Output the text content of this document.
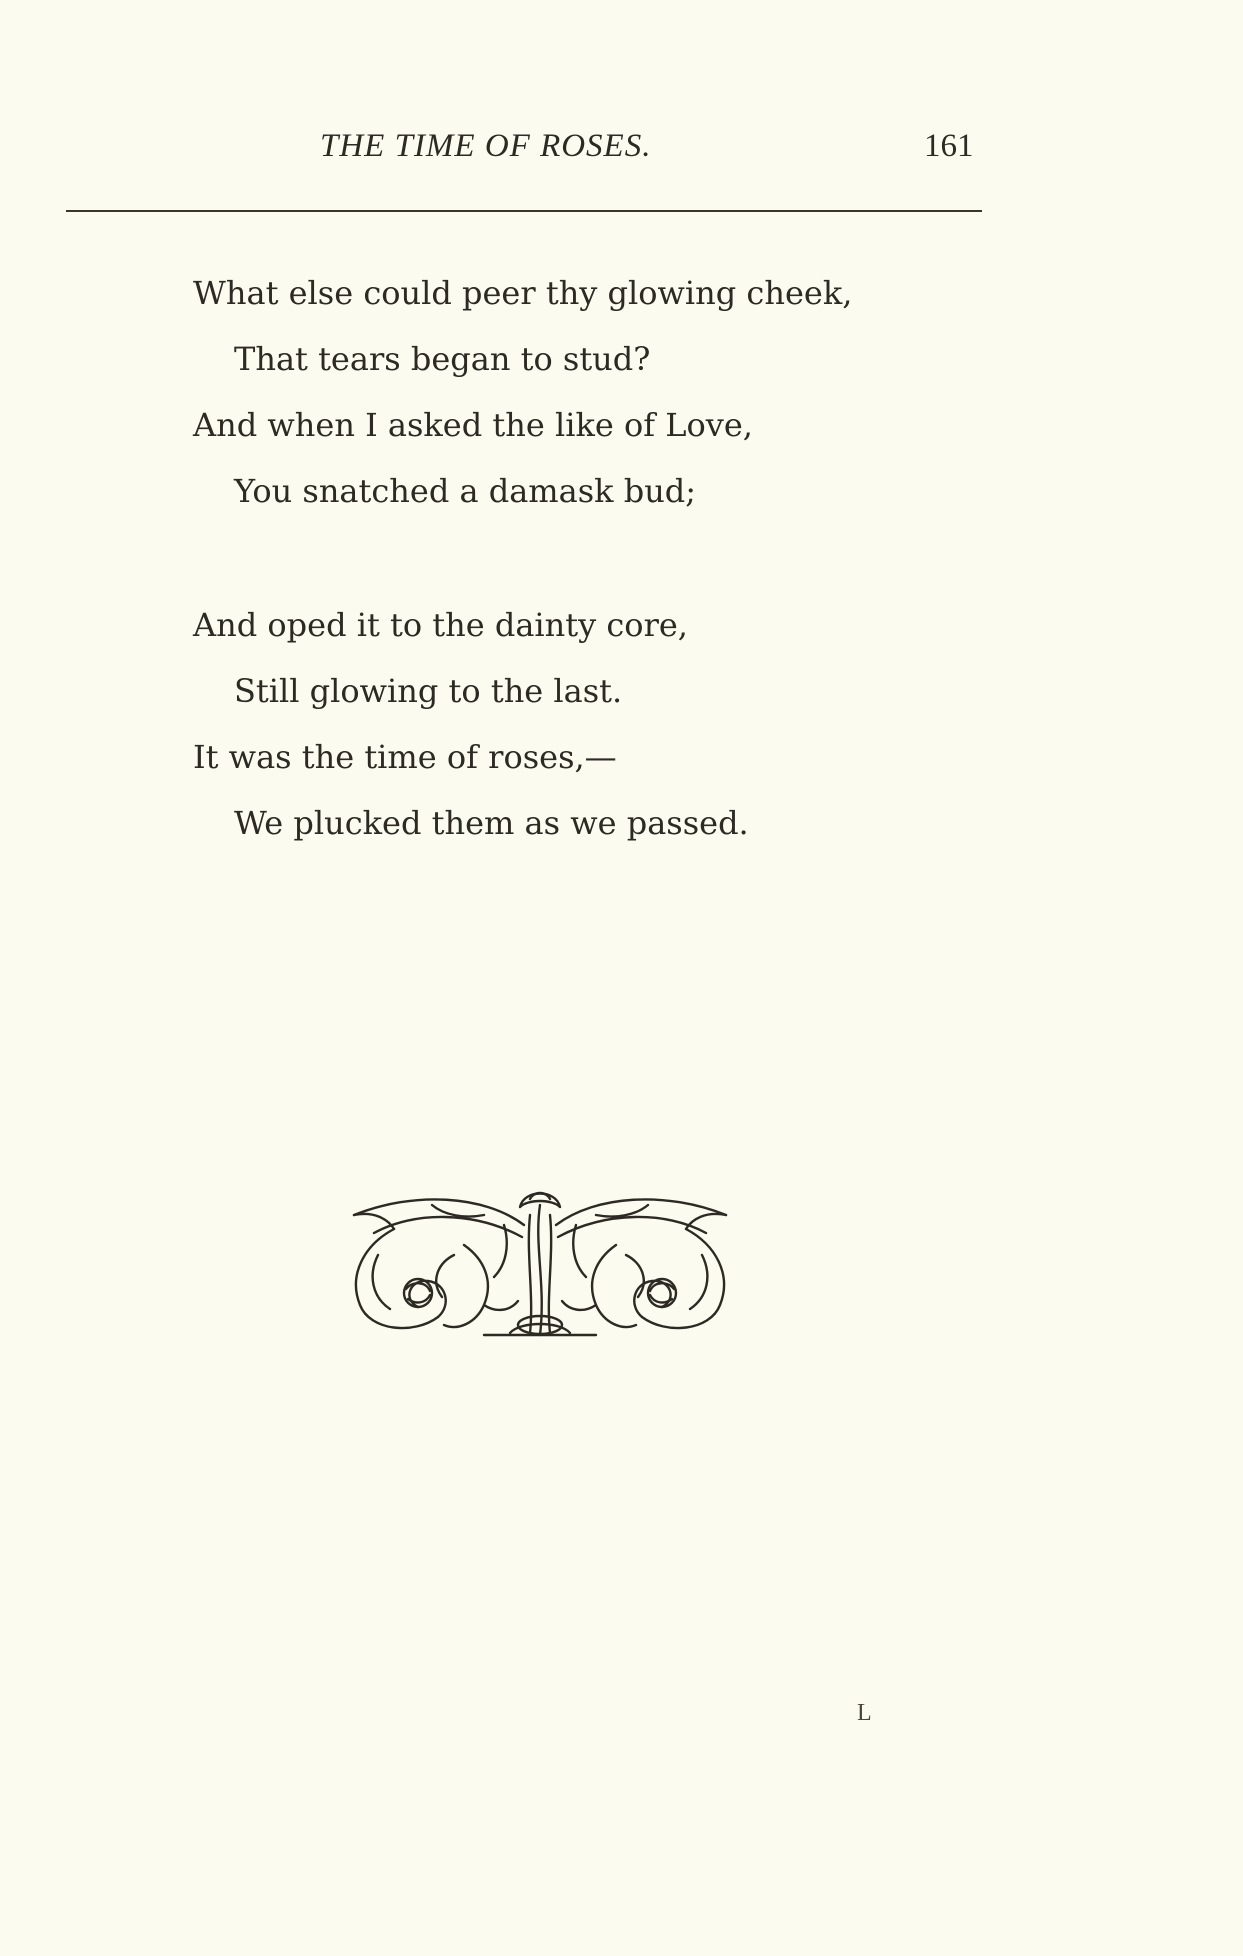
THE TIME OF ROSES.	161
What else could peer thy glowing cheek,
That tears began to stud?
And when I asked the like of Love,
You snatched a damask bud;
And oped it to the dainty core,
Still glowing to the last.
It was the time of roses,—
We plucked them as we passed.
L
